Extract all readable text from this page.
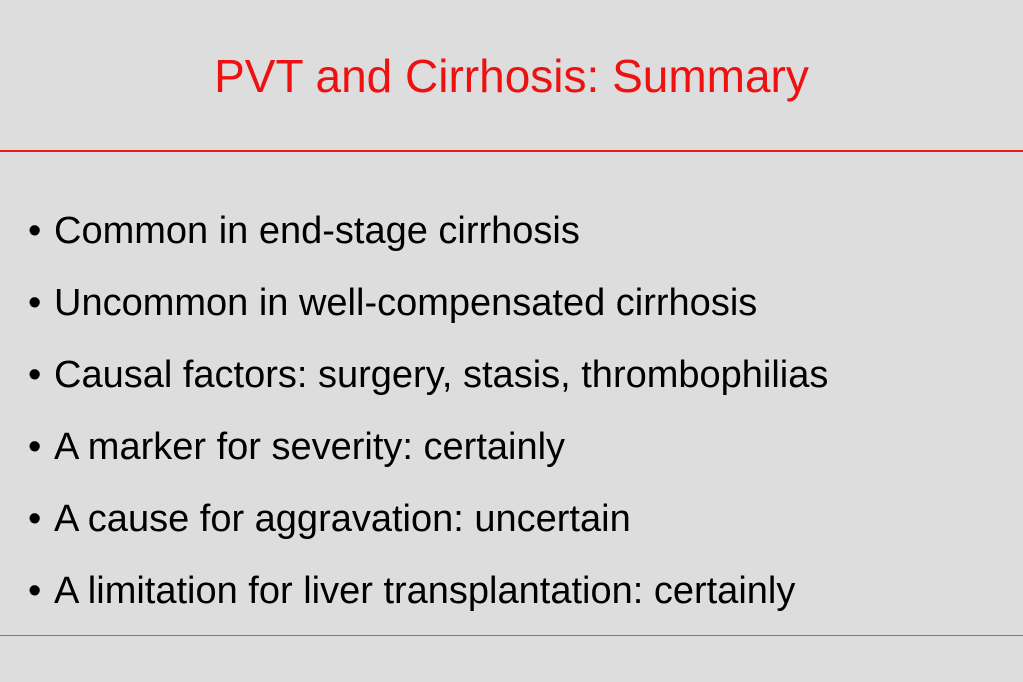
PVT and Cirrhosis: Summary
• Common in end-stage cirrhosis
• Uncommon in well-compensated cirrhosis
• Causal factors: surgery, stasis, thrombophilias
• A marker for severity: certainly
• A cause for aggravation: uncertain
• A limitation for liver transplantation: certainly
